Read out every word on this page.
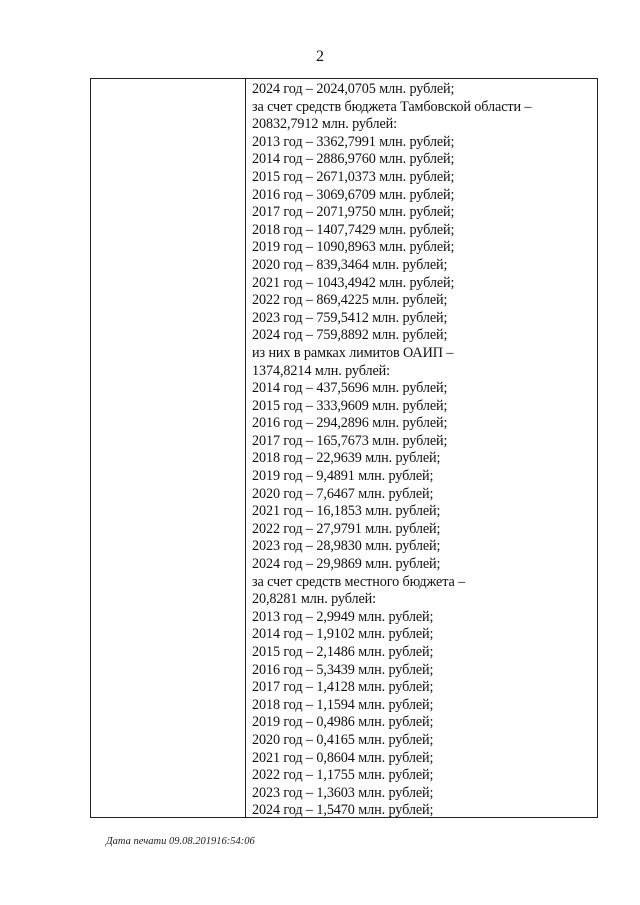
2
2024 год – 2024,0705 млн. рублей;
за счет средств бюджета Тамбовской области –
20832,7912 млн. рублей:
2013 год – 3362,7991 млн. рублей;
2014 год – 2886,9760 млн. рублей;
2015 год – 2671,0373 млн. рублей;
2016 год – 3069,6709 млн. рублей;
2017 год – 2071,9750 млн. рублей;
2018 год – 1407,7429 млн. рублей;
2019 год – 1090,8963 млн. рублей;
2020 год – 839,3464 млн. рублей;
2021 год – 1043,4942 млн. рублей;
2022 год – 869,4225 млн. рублей;
2023 год – 759,5412 млн. рублей;
2024 год – 759,8892 млн. рублей;
из них в рамках лимитов ОАИП –
1374,8214 млн. рублей:
2014 год – 437,5696 млн. рублей;
2015 год – 333,9609 млн. рублей;
2016 год – 294,2896 млн. рублей;
2017 год – 165,7673 млн. рублей;
2018 год – 22,9639 млн. рублей;
2019 год – 9,4891 млн. рублей;
2020 год – 7,6467 млн. рублей;
2021 год – 16,1853 млн. рублей;
2022 год – 27,9791 млн. рублей;
2023 год – 28,9830 млн. рублей;
2024 год – 29,9869 млн. рублей;
за счет средств местного бюджета –
20,8281 млн. рублей:
2013 год – 2,9949 млн. рублей;
2014 год – 1,9102 млн. рублей;
2015 год – 2,1486 млн. рублей;
2016 год – 5,3439 млн. рублей;
2017 год – 1,4128 млн. рублей;
2018 год – 1,1594 млн. рублей;
2019 год – 0,4986 млн. рублей;
2020 год – 0,4165 млн. рублей;
2021 год – 0,8604 млн. рублей;
2022 год – 1,1755 млн. рублей;
2023 год – 1,3603 млн. рублей;
2024 год – 1,5470 млн. рублей;
Дата печати 09.08.201916:54:06
